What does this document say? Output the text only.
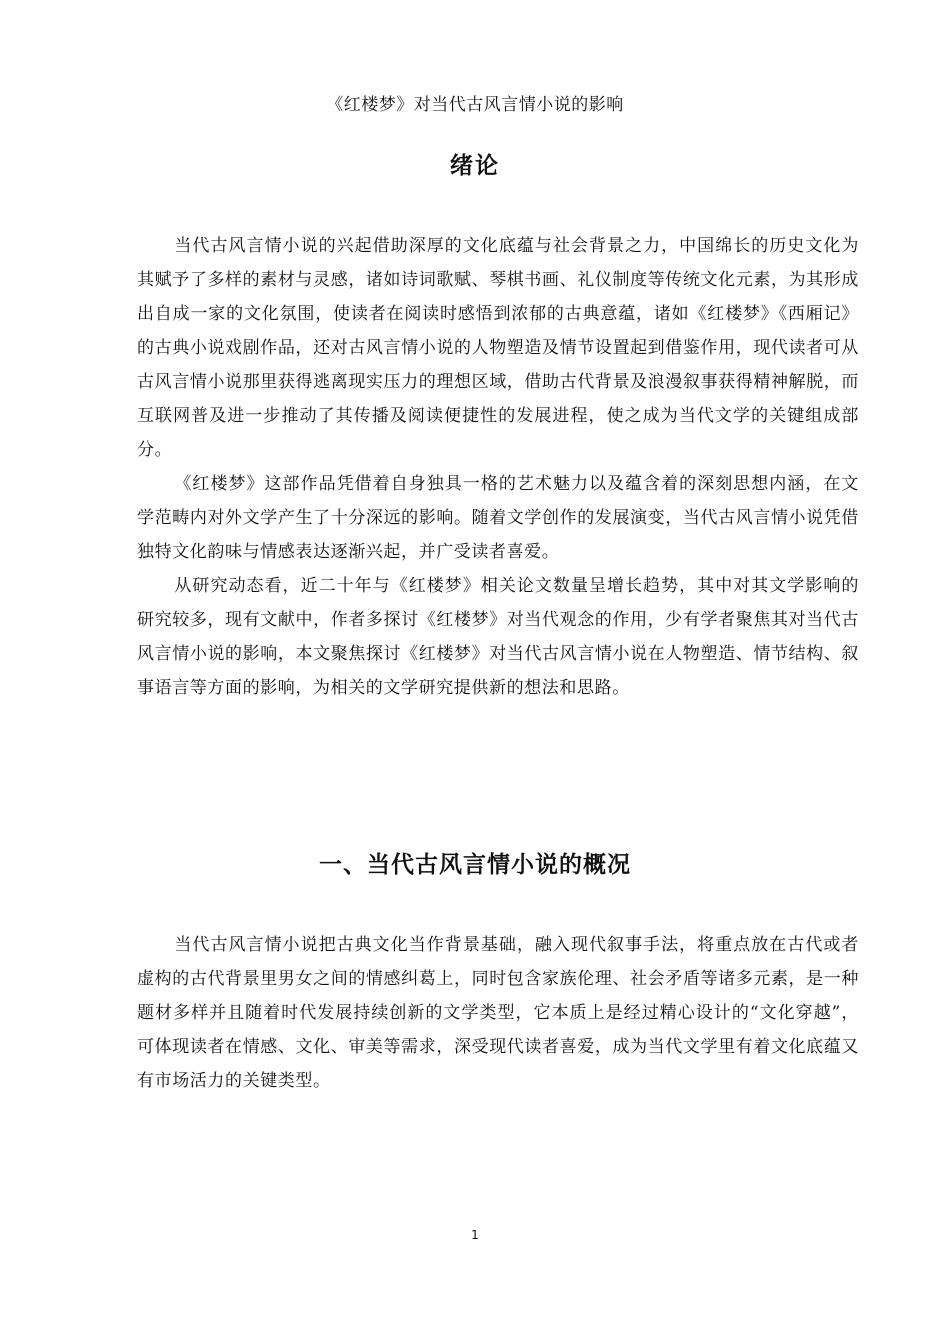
《红楼梦》对当代古风言情小说的影响
绪论

当代古风言情小说的兴起借助深厚的文化底蕴与社会背景之力，中国绵长的历史文化为其赋予了多样的素材与灵感，诸如诗词歌赋、琴棋书画、礼仪制度等传统文化元素，为其形成出自成一家的文化氛围，使读者在阅读时感悟到浓郁的古典意蕴，诸如《红楼梦》《西厢记》的古典小说戏剧作品，还对古风言情小说的人物塑造及情节设置起到借鉴作用，现代读者可从古风言情小说那里获得逃离现实压力的理想区域，借助古代背景及浪漫叙事获得精神解脱，而互联网普及进一步推动了其传播及阅读便捷性的发展进程，使之成为当代文学的关键组成部分。

《红楼梦》这部作品凭借着自身独具一格的艺术魅力以及蕴含着的深刻思想内涵，在文学范畴内对外文学产生了十分深远的影响。随着文学创作的发展演变，当代古风言情小说凭借独特文化韵味与情感表达逐渐兴起，并广受读者喜爱。

从研究动态看，近二十年与《红楼梦》相关论文数量呈增长趋势，其中对其文学影响的研究较多，现有文献中，作者多探讨《红楼梦》对当代观念的作用，少有学者聚焦其对当代古风言情小说的影响，本文聚焦探讨《红楼梦》对当代古风言情小说在人物塑造、情节结构、叙事语言等方面的影响，为相关的文学研究提供新的想法和思路。

一、当代古风言情小说的概况

当代古风言情小说把古典文化当作背景基础，融入现代叙事手法，将重点放在古代或者虚构的古代背景里男女之间的情感纠葛上，同时包含家族伦理、社会矛盾等诸多元素，是一种题材多样并且随着时代发展持续创新的文学类型，它本质上是经过精心设计的“文化穿越”，可体现读者在情感、文化、审美等需求，深受现代读者喜爱，成为当代文学里有着文化底蕴又有市场活力的关键类型。

1
